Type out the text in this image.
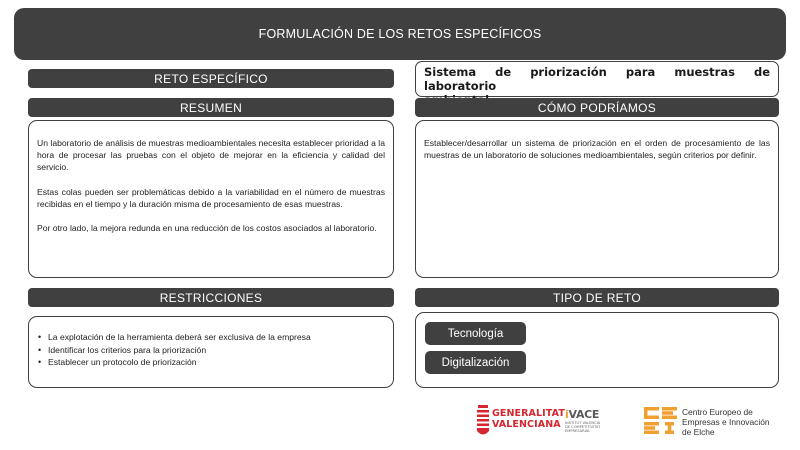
FORMULACIÓN DE LOS RETOS ESPECÍFICOS
RETO ESPECÍFICO	Sistema de priorización para muestras de laboratorio
RESUMEN

Un laboratorio de análisis de muestras medioambientales necesita establecer prioridad a la hora de procesar las pruebas con el objeto de mejorar en la eficiencia y calidad del servicio.

Estas colas pueden ser problemáticas debido a la variabilidad en el número de muestras recibidas en el tiempo y la duración misma de procesamiento de esas muestras.

Por otro lado, la mejora redunda en una reducción de los costos asociados al laboratorio.

CÓMO PODRÍAMOS

Establecer/desarrollar un sistema de priorización en el orden de procesamiento de las muestras de un laboratorio de soluciones medioambientales, según criterios por definir.

RESTRICCIONES
• La explotación de la herramienta deberá ser exclusiva de la empresa
• Identificar los criterios para la priorización
• Establecer un protocolo de priorización
TIPO DE RETO
Tecnología
Digitalización
GENERALITAT
VALENCIANA
iVACE
INSTITUT VALENCIÀ DE COMPETITIVITAT EMPRESARIAL
Centro Europeo de
Empresas e Innovación
de Elche
